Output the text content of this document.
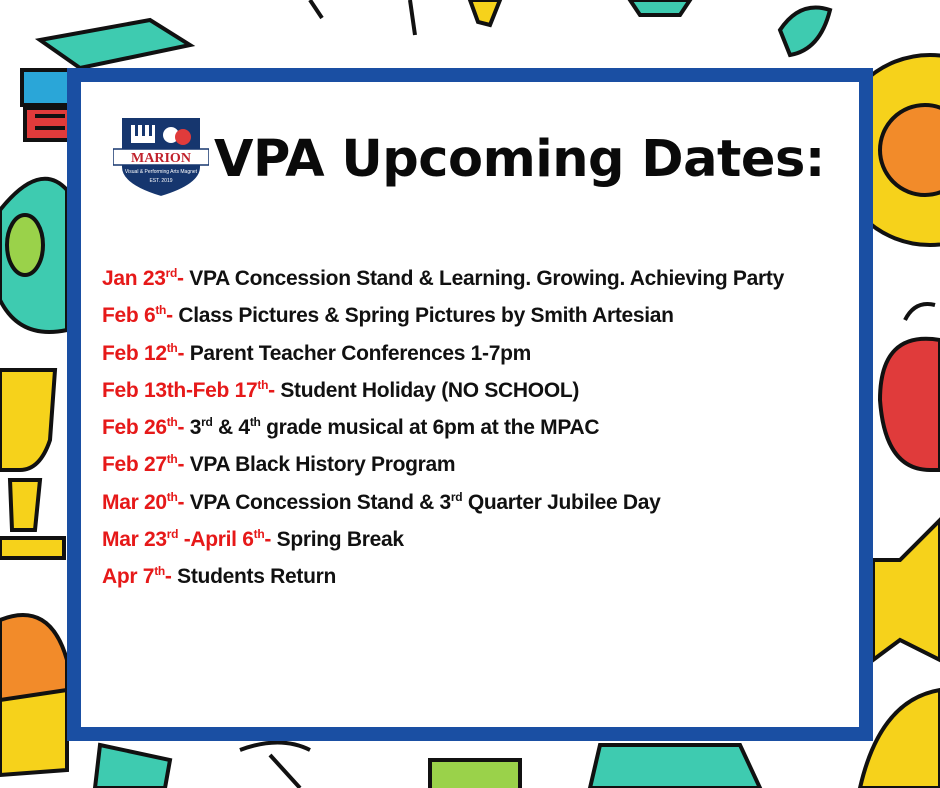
MARION
Visual & Performing Arts Magnet
EST. 2019 VPA Upcoming Dates:
Jan 23rd- VPA Concession Stand & Learning. Growing. Achieving Party
Feb 6th- Class Pictures & Spring Pictures by Smith Artesian
Feb 12th- Parent Teacher Conferences 1-7pm
Feb 13th-Feb 17th- Student Holiday (NO SCHOOL)
Feb 26th- 3rd & 4th grade musical at 6pm at the MPAC
Feb 27th- VPA Black History Program
Mar 20th- VPA Concession Stand & 3rd Quarter Jubilee Day
Mar 23rd -April 6th- Spring Break
Apr 7th- Students Return
